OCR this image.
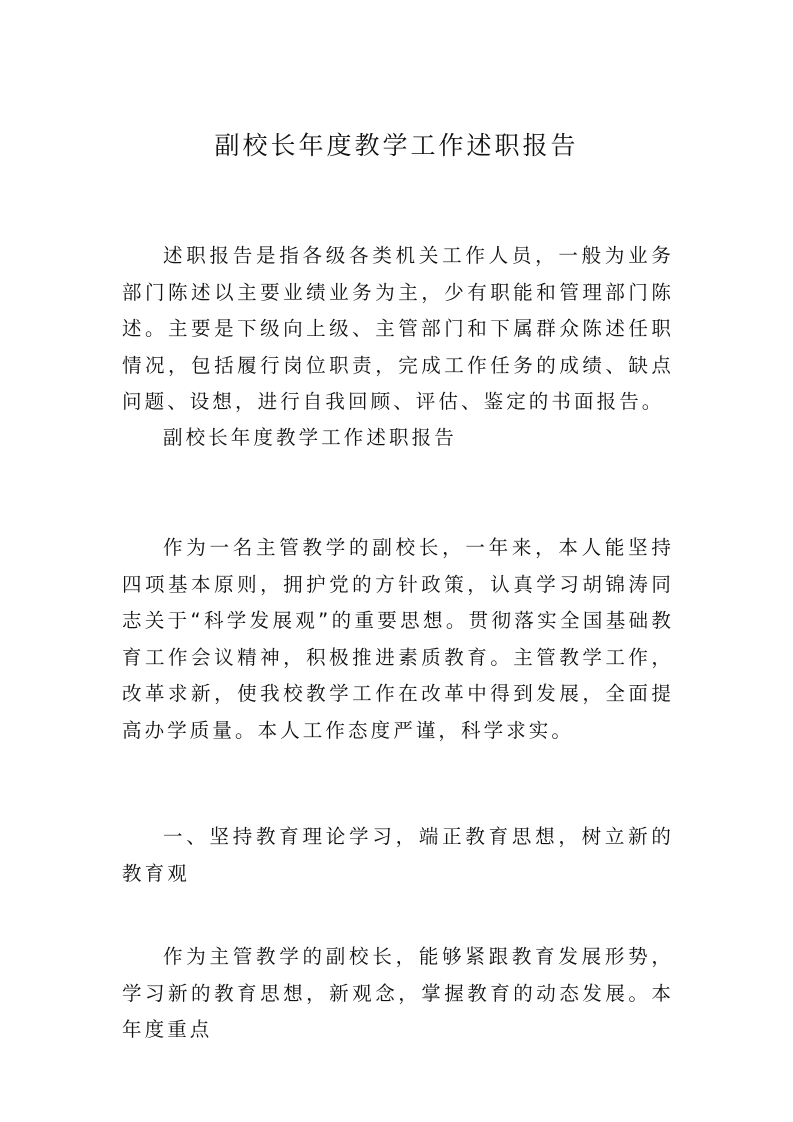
副校长年度教学工作述职报告

述职报告是指各级各类机关工作人员，一般为业务部门陈述以主要业绩业务为主，少有职能和管理部门陈述。主要是下级向上级、主管部门和下属群众陈述任职情况，包括履行岗位职责，完成工作任务的成绩、缺点问题、设想，进行自我回顾、评估、鉴定的书面报告。

副校长年度教学工作述职报告

作为一名主管教学的副校长，一年来，本人能坚持四项基本原则，拥护党的方针政策，认真学习胡锦涛同志关于“科学发展观”的重要思想。贯彻落实全国基础教育工作会议精神，积极推进素质教育。主管教学工作，改革求新，使我校教学工作在改革中得到发展，全面提高办学质量。本人工作态度严谨，科学求实。

一、坚持教育理论学习，端正教育思想，树立新的教育观

作为主管教学的副校长，能够紧跟教育发展形势，学习新的教育思想，新观念，掌握教育的动态发展。本年度重点
